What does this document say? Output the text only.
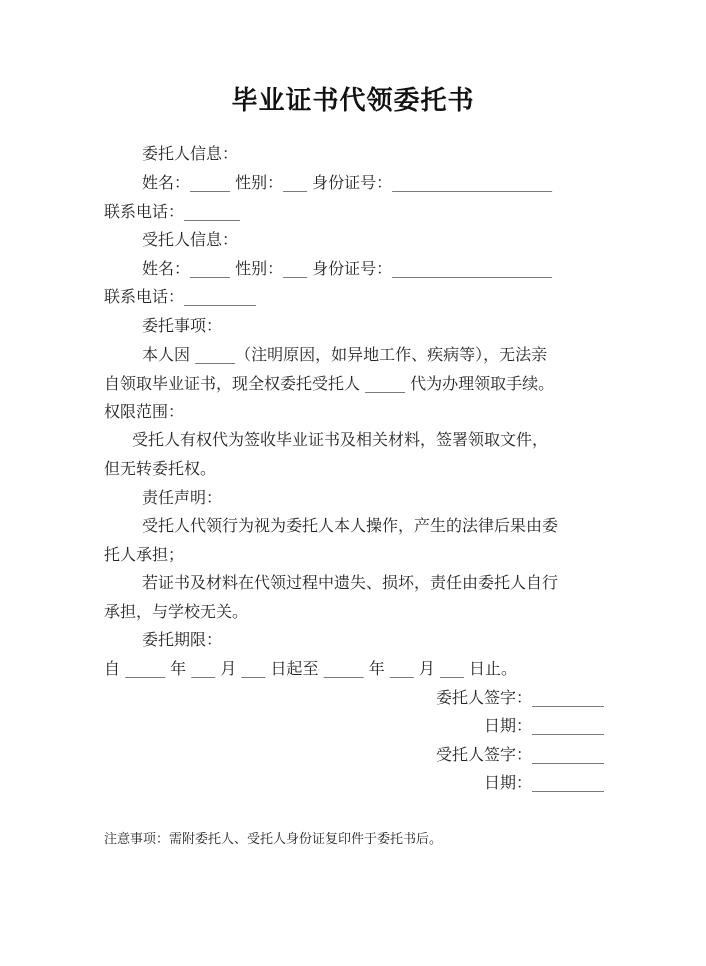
毕业证书代领委托书
委托人信息：
姓名：_____ 性别：___ 身份证号：____________________
联系电话：_______
受托人信息：
姓名：_____ 性别：___ 身份证号：____________________
联系电话：_________
委托事项：
本人因 _____（注明原因，如异地工作、疾病等），无法亲
自领取毕业证书，现全权委托受托人 _____ 代为办理领取手续。
权限范围：
受托人有权代为签收毕业证书及相关材料，签署领取文件，
但无转委托权。
责任声明：
受托人代领行为视为委托人本人操作，产生的法律后果由委
托人承担；
若证书及材料在代领过程中遗失、损坏，责任由委托人自行
承担，与学校无关。
委托期限：
自 _____ 年 ___ 月 ___ 日起至 _____ 年 ___ 月 ___ 日止。
委托人签字：_________
日期：_________
受托人签字：_________
日期：_________
注意事项：需附委托人、受托人身份证复印件于委托书后。
